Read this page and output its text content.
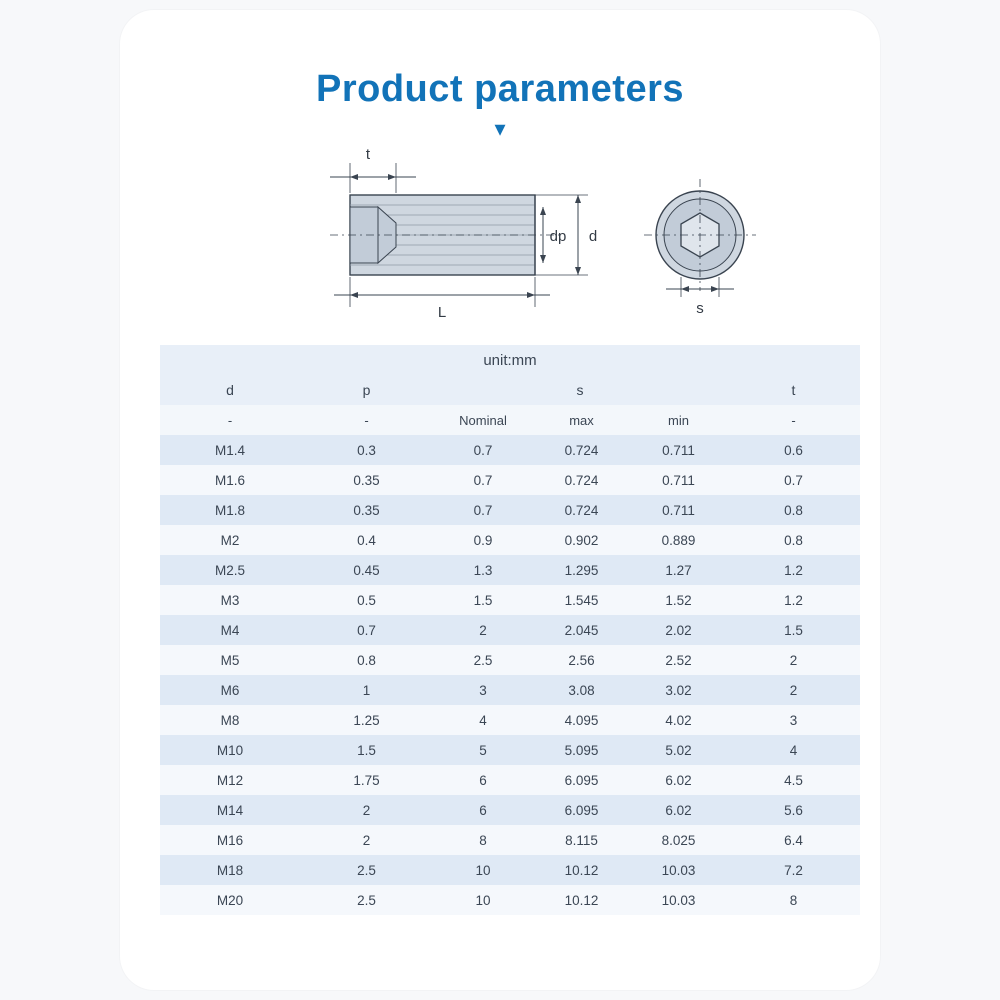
Product parameters
▾
t
dp d
L	s
unit:mm					
d	p	s			t
-	-	Nominal	max	min	-
M1.4	0.3	0.7	0.724	0.711	0.6
M1.6	0.35	0.7	0.724	0.711	0.7
M1.8	0.35	0.7	0.724	0.711	0.8
M2	0.4	0.9	0.902	0.889	0.8
M2.5	0.45	1.3	1.295	1.27	1.2
M3	0.5	1.5	1.545	1.52	1.2
M4	0.7	2	2.045	2.02	1.5
M5	0.8	2.5	2.56	2.52	2
M6	1	3	3.08	3.02	2
M8	1.25	4	4.095	4.02	3
M10	1.5	5	5.095	5.02	4
M12	1.75	6	6.095	6.02	4.5
M14	2	6	6.095	6.02	5.6
M16	2	8	8.115	8.025	6.4
M18	2.5	10	10.12	10.03	7.2
M20	2.5	10	10.12	10.03	8
